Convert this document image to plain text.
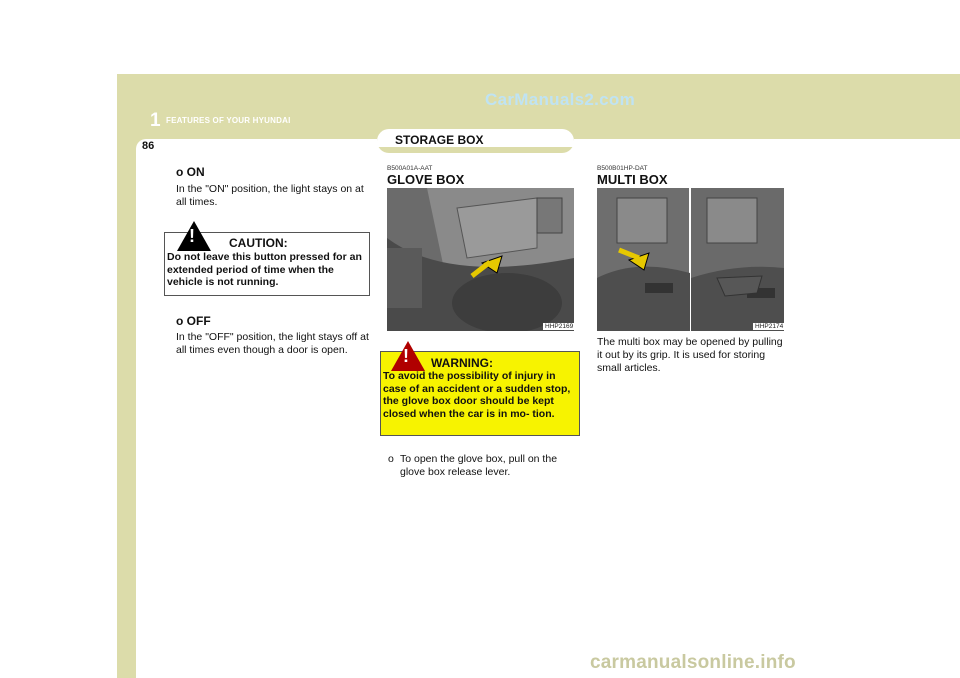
CarManuals2.com
1 FEATURES OF YOUR HYUNDAI
STORAGE BOX
86
o ON
In the "ON" position, the light stays on at all times.
!	CAUTION:
Do not leave this button pressed for an extended period of time when the vehicle is not running.
o OFF
In the "OFF" position, the light stays off at all times even though a door is open.
B500A01A-AAT
GLOVE BOX
HHP2169
! WARNING:
To avoid the possibility of injury in case of an accident or a sudden stop, the glove box door should be kept closed when the car is in mo- tion.
o To open the glove box, pull on the glove box release lever.
B500B01HP-DAT
MULTI BOX
HHP2174
The multi box may be opened by pulling it out by its grip. It is used for storing small articles.
carmanualsonline.info
